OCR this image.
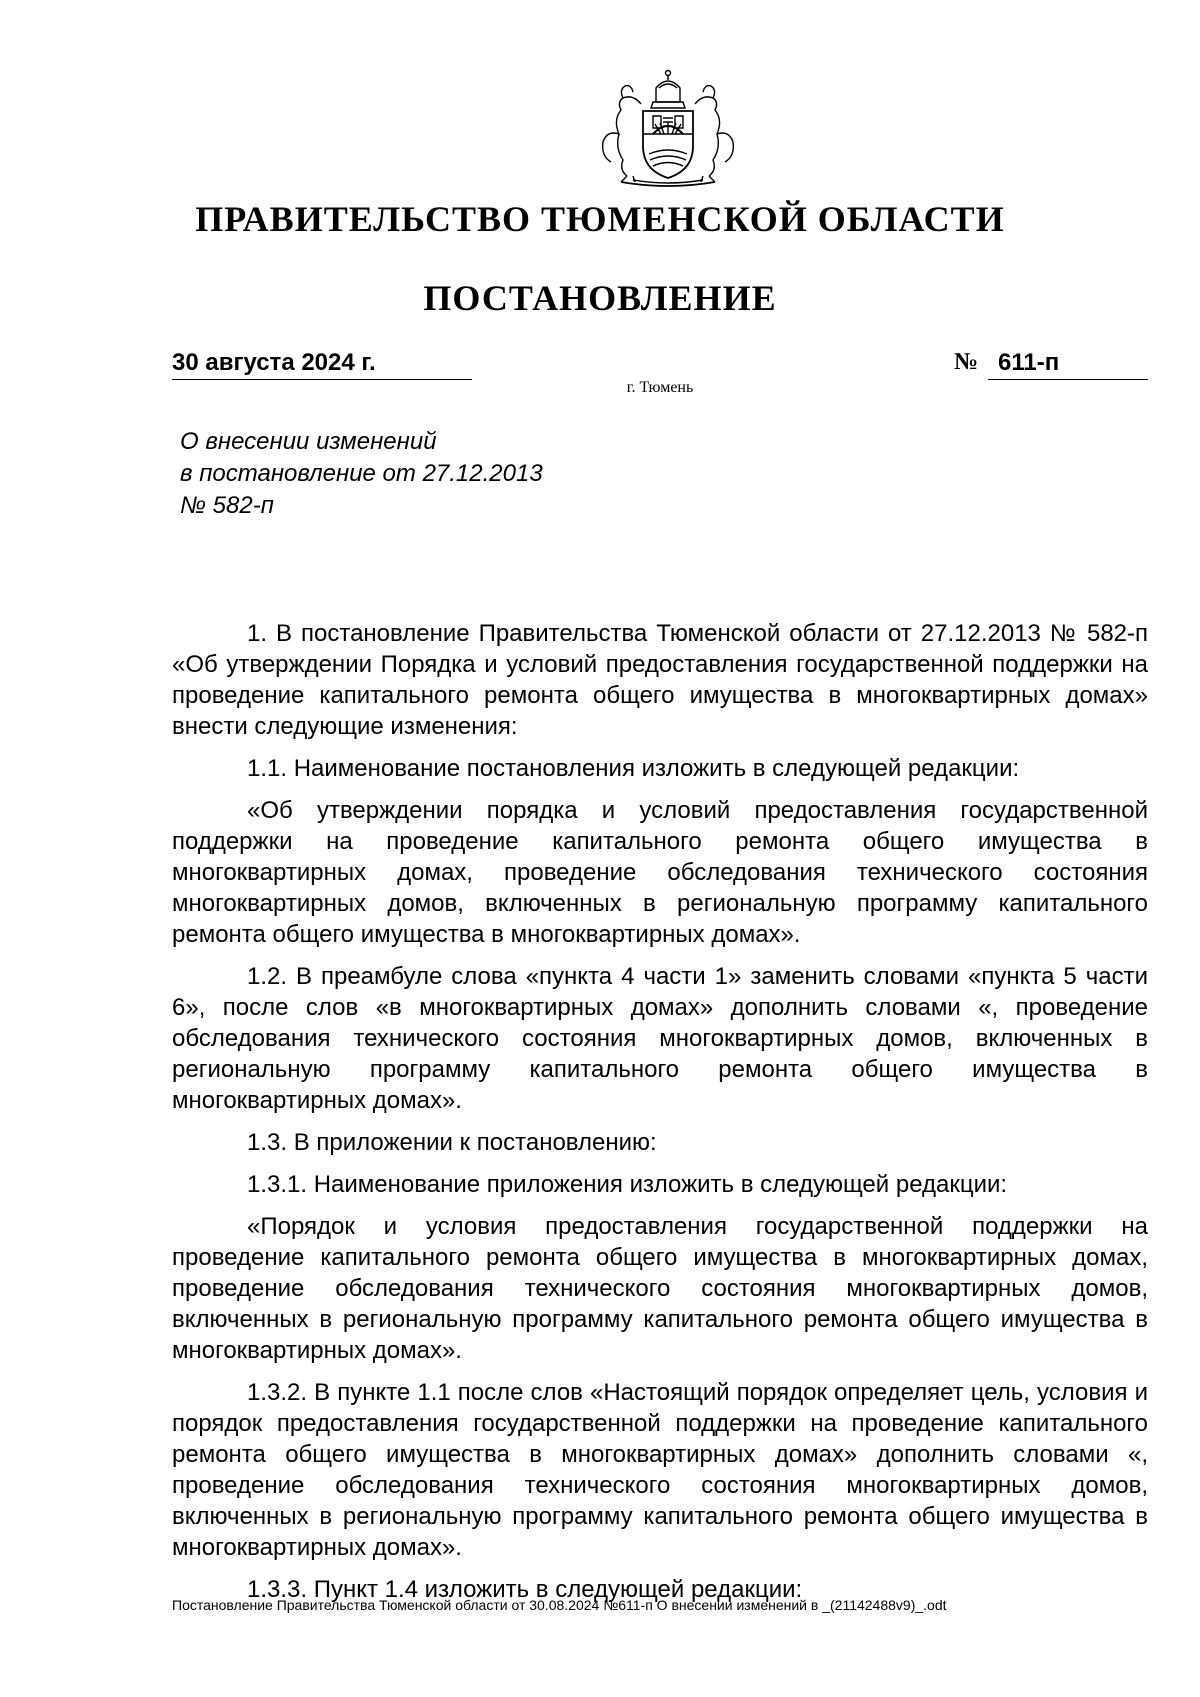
ПРАВИТЕЛЬСТВО ТЮМЕНСКОЙ ОБЛАСТИ
ПОСТАНОВЛЕНИЕ
30 августа 2024 г.	№ 611-п
г. Тюмень
О внесении изменений
в постановление от 27.12.2013
№ 582-п

1. В постановление Правительства Тюменской области от 27.12.2013 № 582-п «Об утверждении Порядка и условий предоставления государственной поддержки на проведение капитального ремонта общего имущества в многоквартирных домах» внести следующие изменения:

1.1. Наименование постановления изложить в следующей редакции:

«Об утверждении порядка и условий предоставления государственной поддержки на проведение капитального ремонта общего имущества в многоквартирных домах, проведение обследования технического состояния многоквартирных домов, включенных в региональную программу капитального ремонта общего имущества в многоквартирных домах».

1.2. В преамбуле слова «пункта 4 части 1» заменить словами «пункта 5 части 6», после слов «в многоквартирных домах» дополнить словами «, проведение обследования технического состояния многоквартирных домов, включенных в региональную программу капитального ремонта общего имущества в многоквартирных домах».

1.3. В приложении к постановлению:

1.3.1. Наименование приложения изложить в следующей редакции:

«Порядок и условия предоставления государственной поддержки на проведение капитального ремонта общего имущества в многоквартирных домах, проведение обследования технического состояния многоквартирных домов, включенных в региональную программу капитального ремонта общего имущества в многоквартирных домах».

1.3.2. В пункте 1.1 после слов «Настоящий порядок определяет цель, условия и порядок предоставления государственной поддержки на проведение капитального ремонта общего имущества в многоквартирных домах» дополнить словами «, проведение обследования технического состояния многоквартирных домов, включенных в региональную программу капитального ремонта общего имущества в многоквартирных домах».

1.3.3. Пункт 1.4 изложить в следующей редакции:

Постановление Правительства Тюменской области от 30.08.2024 №611-п О внесении изменений в _(21142488v9)_.odt
